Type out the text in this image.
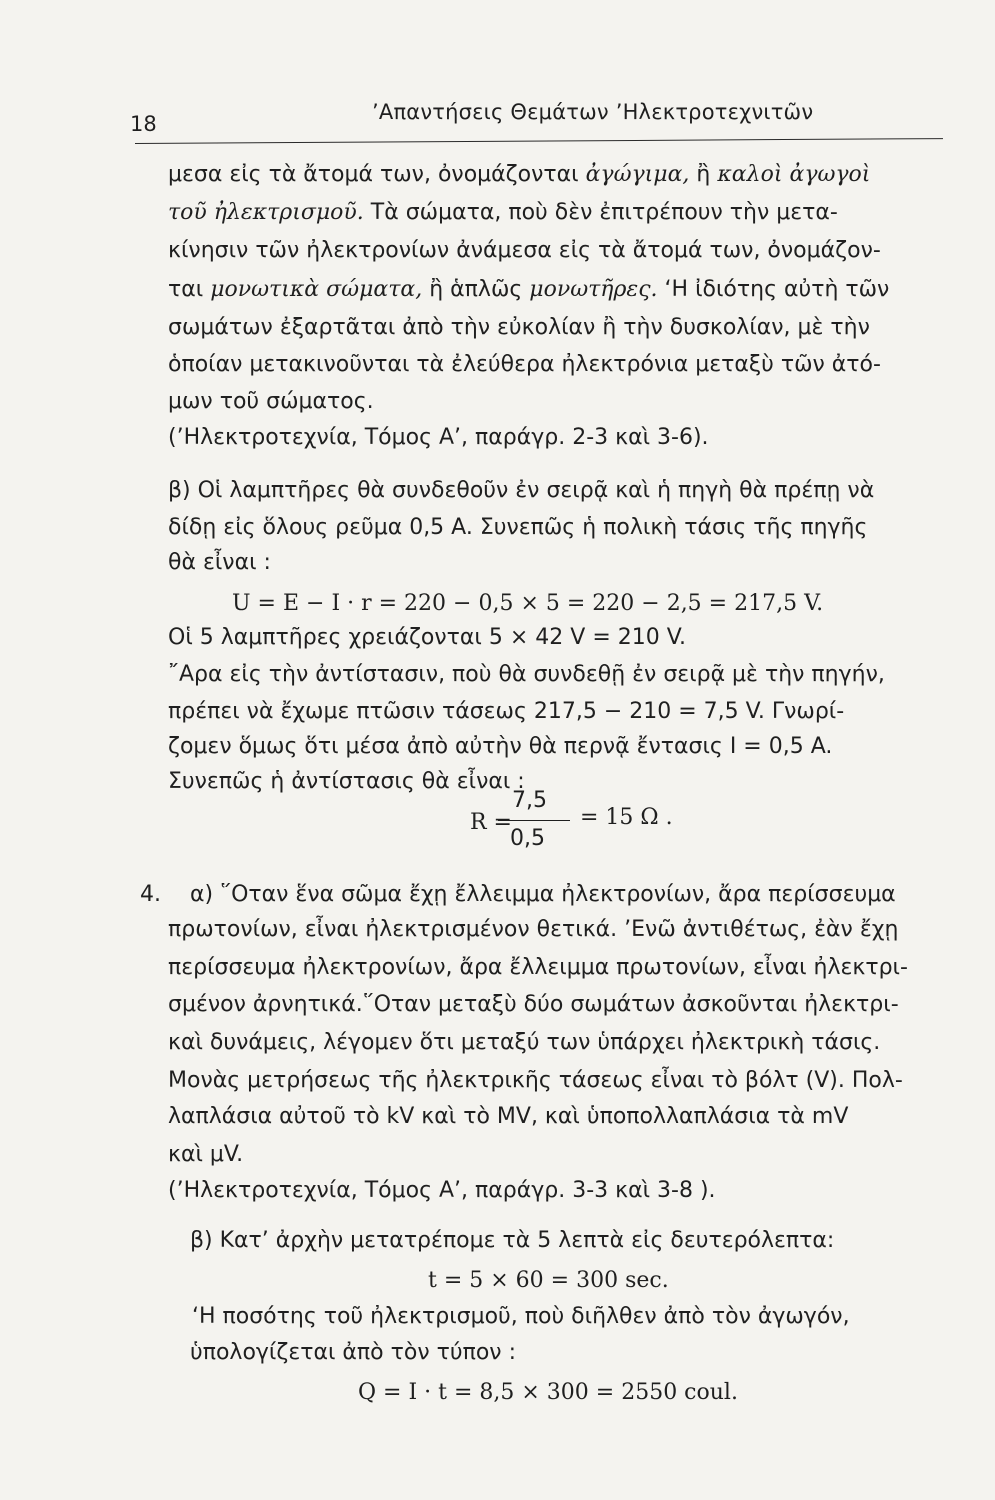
18	’Απαντήσεις Θεμάτων ’Ηλεκτροτεχνιτῶν
μεσα εἰς τὰ ἄτομά των, ὀνομάζονται ἀγώγιμα, ἢ καλοὶ ἀγωγοὶ
τοῦ ἠλεκτρισμοῦ. Τὰ σώματα, ποὺ δὲν ἐπιτρέπουν τὴν μετα-
κίνησιν τῶν ἠλεκτρονίων ἀνάμεσα εἰς τὰ ἄτομά των, ὀνομάζον-
ται μονωτικὰ σώματα, ἢ ἁπλῶς μονωτῆρες. ‘Η ἰδιότης αὐτὴ τῶν
σωμάτων ἐξαρτᾶται ἀπὸ τὴν εὐκολίαν ἢ τὴν δυσκολίαν, μὲ τὴν
ὁποίαν μετακινοῦνται τὰ ἐλεύθερα ἠλεκτρόνια μεταξὺ τῶν ἀτό-
μων τοῦ σώματος.
(’Ηλεκτροτεχνία, Τόμος Α’, παράγρ. 2-3 καὶ 3-6).
β) Οἱ λαμπτῆρες θὰ συνδεθοῦν ἐν σειρᾷ καὶ ἡ πηγὴ θὰ πρέπῃ νὰ
δίδῃ εἰς ὅλους ρεῦμα 0,5 A. Συνεπῶς ἡ πολικὴ τάσις τῆς πηγῆς
θὰ εἶναι :
U = E − I · r = 220 − 0,5 × 5 = 220 − 2,5 = 217,5 V.
Οἱ 5 λαμπτῆρες χρειάζονται 5 × 42 V = 210 V.
῎Αρα εἰς τὴν ἀντίστασιν, ποὺ θὰ συνδεθῇ ἐν σειρᾷ μὲ τὴν πηγήν,
πρέπει νὰ ἔχωμε πτῶσιν τάσεως 217,5 − 210 = 7,5 V. Γνωρί-
ζομεν ὅμως ὅτι μέσα ἀπὸ αὐτὴν θὰ περνᾷ ἔντασις I = 0,5 A.
Συνεπῶς ἡ ἀντίστασις θὰ εἶναι :
R =
7,5
0,5
= 15 Ω .
4. α) ῞Οταν ἕνα σῶμα ἔχῃ ἔλλειμμα ἠλεκτρονίων, ἄρα περίσσευμα
πρωτονίων, εἶναι ἠλεκτρισμένον θετικά. ’Ενῶ ἀντιθέτως, ἐὰν ἔχῃ
περίσσευμα ἠλεκτρονίων, ἄρα ἔλλειμμα πρωτονίων, εἶναι ἠλεκτρι-
σμένον ἀρνητικά.῞Οταν μεταξὺ δύο σωμάτων ἀσκοῦνται ἠλεκτρι-
καὶ δυνάμεις, λέγομεν ὅτι μεταξύ των ὑπάρχει ἠλεκτρικὴ τάσις.
Μονὰς μετρήσεως τῆς ἠλεκτρικῆς τάσεως εἶναι τὸ βόλτ (V). Πολ-
λαπλάσια αὐτοῦ τὸ kV καὶ τὸ MV, καὶ ὑποπολλαπλάσια τὰ mV
καὶ μV.
(’Ηλεκτροτεχνία, Τόμος Α’, παράγρ. 3-3 καὶ 3-8 ).
β) Κατ’ ἀρχὴν μετατρέπομε τὰ 5 λεπτὰ εἰς δευτερόλεπτα:
t = 5 × 60 = 300 sec.
‘Η ποσότης τοῦ ἠλεκτρισμοῦ, ποὺ διῆλθεν ἀπὸ τὸν ἀγωγόν,
ὑπολογίζεται ἀπὸ τὸν τύπον :
Q = I · t = 8,5 × 300 = 2550 coul.
